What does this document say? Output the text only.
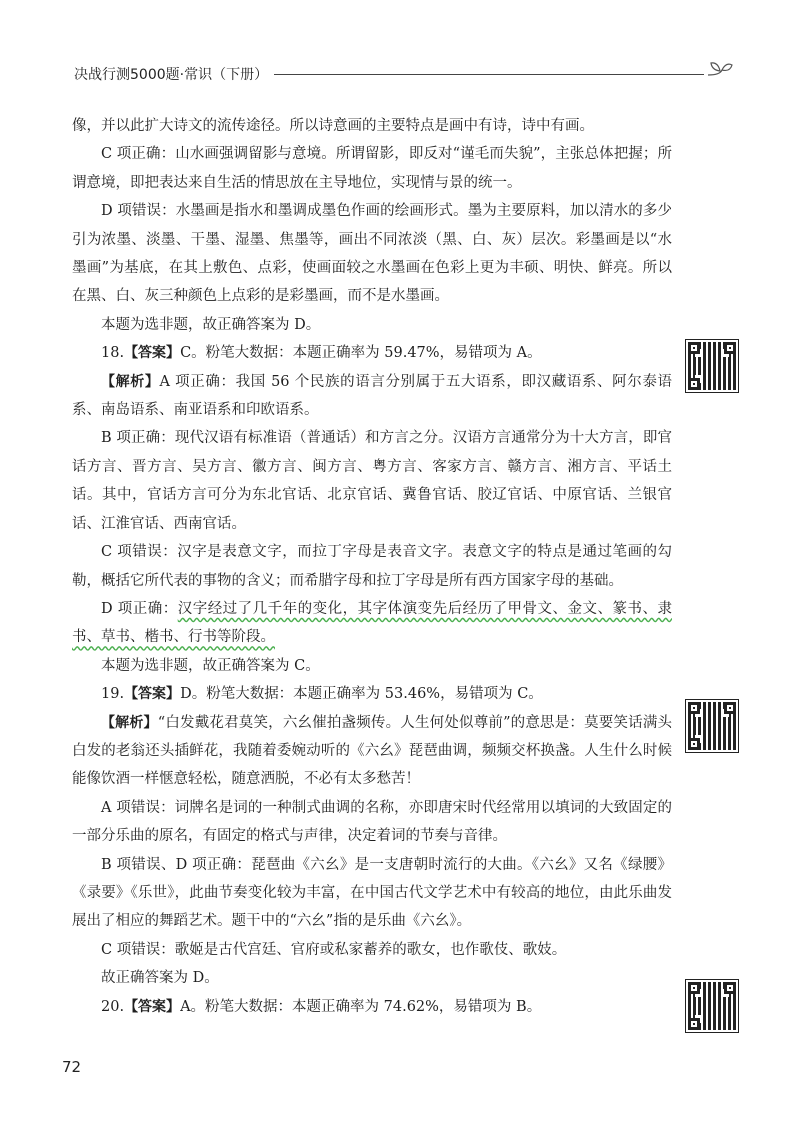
决战行测5000题·常识（下册）

像，并以此扩大诗文的流传途径。所以诗意画的主要特点是画中有诗，诗中有画。

C 项正确：山水画强调留影与意境。所谓留影，即反对“谨毛而失貌”，主张总体把握；所谓意境，即把表达来自生活的情思放在主导地位，实现情与景的统一。

D 项错误：水墨画是指水和墨调成墨色作画的绘画形式。墨为主要原料，加以清水的多少引为浓墨、淡墨、干墨、湿墨、焦墨等，画出不同浓淡（黑、白、灰）层次。彩墨画是以“水墨画”为基底，在其上敷色、点彩，使画面较之水墨画在色彩上更为丰硕、明快、鲜亮。所以在黑、白、灰三种颜色上点彩的是彩墨画，而不是水墨画。

本题为选非题，故正确答案为 D。

18.【答案】C。粉笔大数据：本题正确率为 59.47%，易错项为 A。

【解析】A 项正确：我国 56 个民族的语言分别属于五大语系，即汉藏语系、阿尔泰语系、南岛语系、南亚语系和印欧语系。

B 项正确：现代汉语有标准语（普通话）和方言之分。汉语方言通常分为十大方言，即官话方言、晋方言、吴方言、徽方言、闽方言、粤方言、客家方言、赣方言、湘方言、平话土话。其中，官话方言可分为东北官话、北京官话、冀鲁官话、胶辽官话、中原官话、兰银官话、江淮官话、西南官话。

C 项错误：汉字是表意文字，而拉丁字母是表音文字。表意文字的特点是通过笔画的勾勒，概括它所代表的事物的含义；而希腊字母和拉丁字母是所有西方国家字母的基础。

D 项正确：汉字经过了几千年的变化，其字体演变先后经历了甲骨文、金文、篆书、隶书、草书、楷书、行书等阶段。

本题为选非题，故正确答案为 C。

19.【答案】D。粉笔大数据：本题正确率为 53.46%，易错项为 C。

【解析】“白发戴花君莫笑，六幺催拍盏频传。人生何处似尊前”的意思是：莫要笑话满头白发的老翁还头插鲜花，我随着委婉动听的《六幺》琵琶曲调，频频交杯换盏。人生什么时候能像饮酒一样惬意轻松，随意洒脱，不必有太多愁苦！

A 项错误：词牌名是词的一种制式曲调的名称，亦即唐宋时代经常用以填词的大致固定的一部分乐曲的原名，有固定的格式与声律，决定着词的节奏与音律。

B 项错误、D 项正确：琵琶曲《六幺》是一支唐朝时流行的大曲。《六幺》又名《绿腰》《录要》《乐世》，此曲节奏变化较为丰富，在中国古代文学艺术中有较高的地位，由此乐曲发展出了相应的舞蹈艺术。题干中的“六幺”指的是乐曲《六幺》。

C 项错误：歌姬是古代宫廷、官府或私家蓄养的歌女，也作歌伎、歌妓。

故正确答案为 D。

20.【答案】A。粉笔大数据：本题正确率为 74.62%，易错项为 B。

72
